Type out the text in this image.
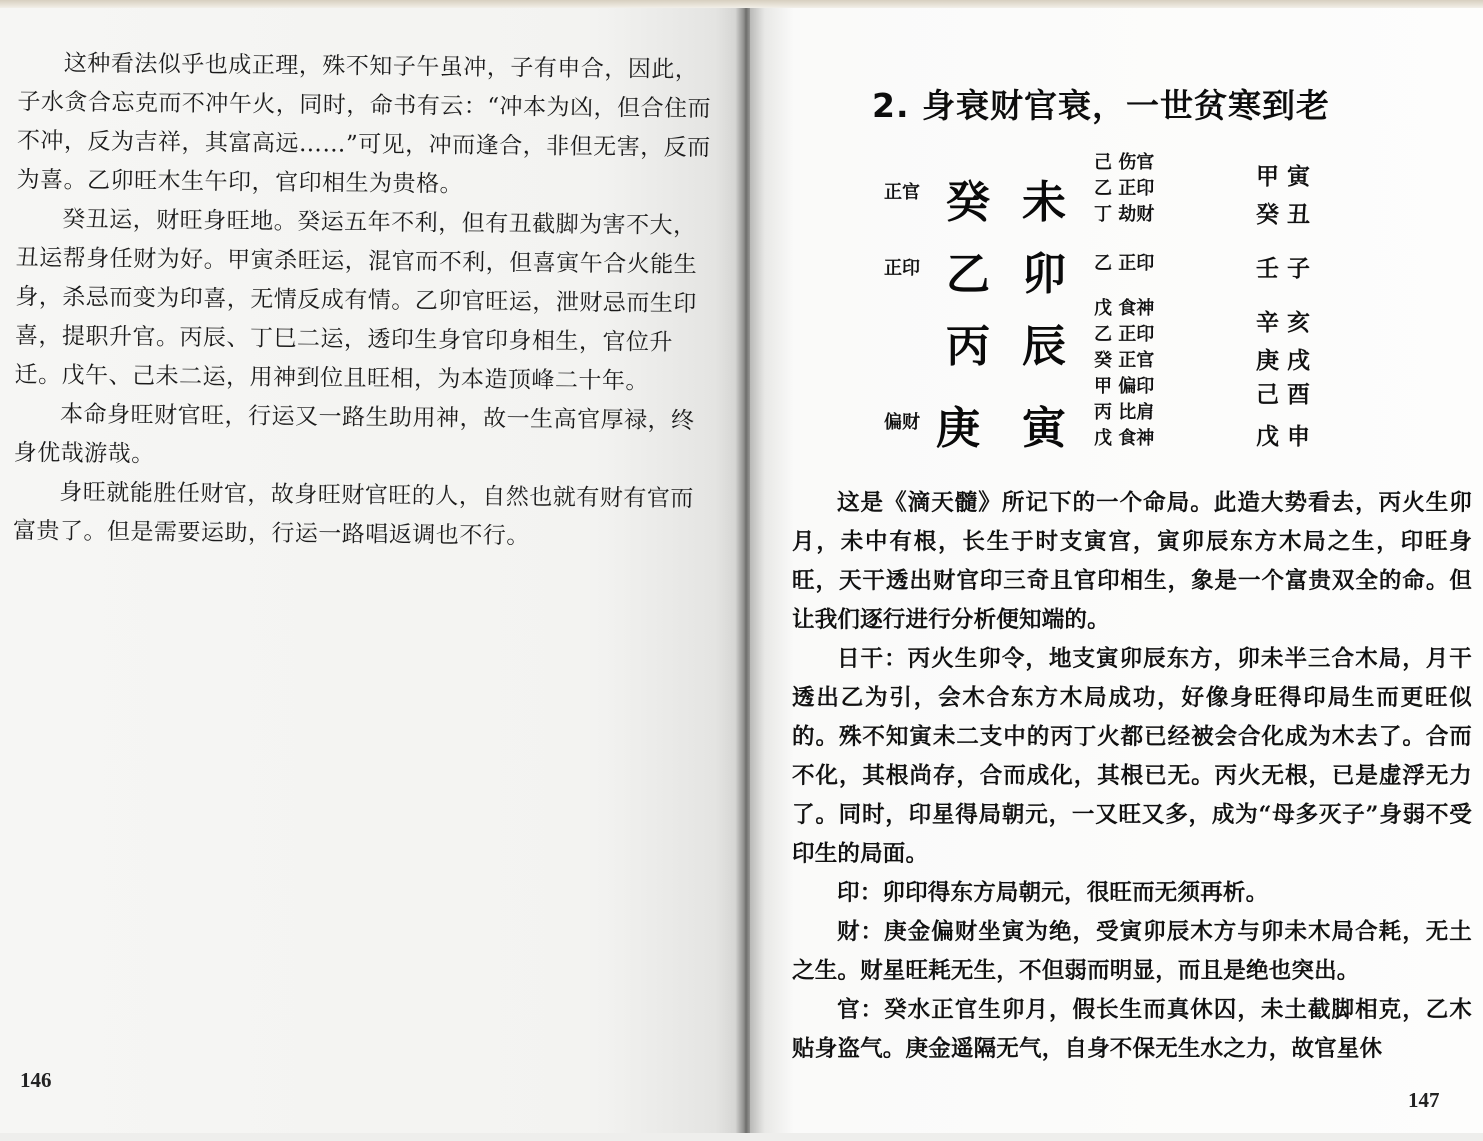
这种看法似乎也成正理，殊不知子午虽冲，子有申合，因此，子水贪合忘克而不冲午火，同时，命书有云：“冲本为凶，但合住而不冲，反为吉祥，其富高远……”可见，冲而逢合，非但无害，反而为喜。乙卯旺木生午印，官印相生为贵格。

癸丑运，财旺身旺地。癸运五年不利，但有丑截脚为害不大，丑运帮身任财为好。甲寅杀旺运，混官而不利，但喜寅午合火能生身，杀忌而变为印喜，无情反成有情。乙卯官旺运，泄财忌而生印喜，提职升官。丙辰、丁巳二运，透印生身官印身相生，官位升迁。戊午、己未二运，用神到位且旺相，为本造顶峰二十年。

本命身旺财官旺，行运又一路生助用神，故一生高官厚禄，终身优哉游哉。

身旺就能胜任财官，故身旺财官旺的人，自然也就有财有官而富贵了。但是需要运助，行运一路唱返调也不行。

146
2. 身衰财官衰，一世贫寒到老
正官 癸 未
己 伤官
乙 正印
丁 劫财
正印 乙 卯 乙 正印
丙 辰
戊 食神
乙 正印
癸 正官
偏财 庚 寅
甲 偏印
丙 比肩
戊 食神
甲寅
癸丑
壬子
辛亥
庚戌
己酉
戊申

这是《滴天髓》所记下的一个命局。此造大势看去，丙火生卯月，未中有根，长生于时支寅宫，寅卯辰东方木局之生，印旺身旺，天干透出财官印三奇且官印相生，象是一个富贵双全的命。但让我们逐行进行分析便知端的。

日干：丙火生卯令，地支寅卯辰东方，卯未半三合木局，月干透出乙为引，会木合东方木局成功，好像身旺得印局生而更旺似的。殊不知寅未二支中的丙丁火都已经被会合化成为木去了。合而不化，其根尚存，合而成化，其根已无。丙火无根，已是虚浮无力了。同时，印星得局朝元，一又旺又多，成为“母多灭子”身弱不受印生的局面。

印：卯印得东方局朝元，很旺而无须再析。

财：庚金偏财坐寅为绝，受寅卯辰木方与卯未木局合耗，无土之生。财星旺耗无生，不但弱而明显，而且是绝也突出。

官：癸水正官生卯月，假长生而真休囚，未土截脚相克，乙木贴身盗气。庚金遥隔无气，自身不保无生水之力，故官星休

147
